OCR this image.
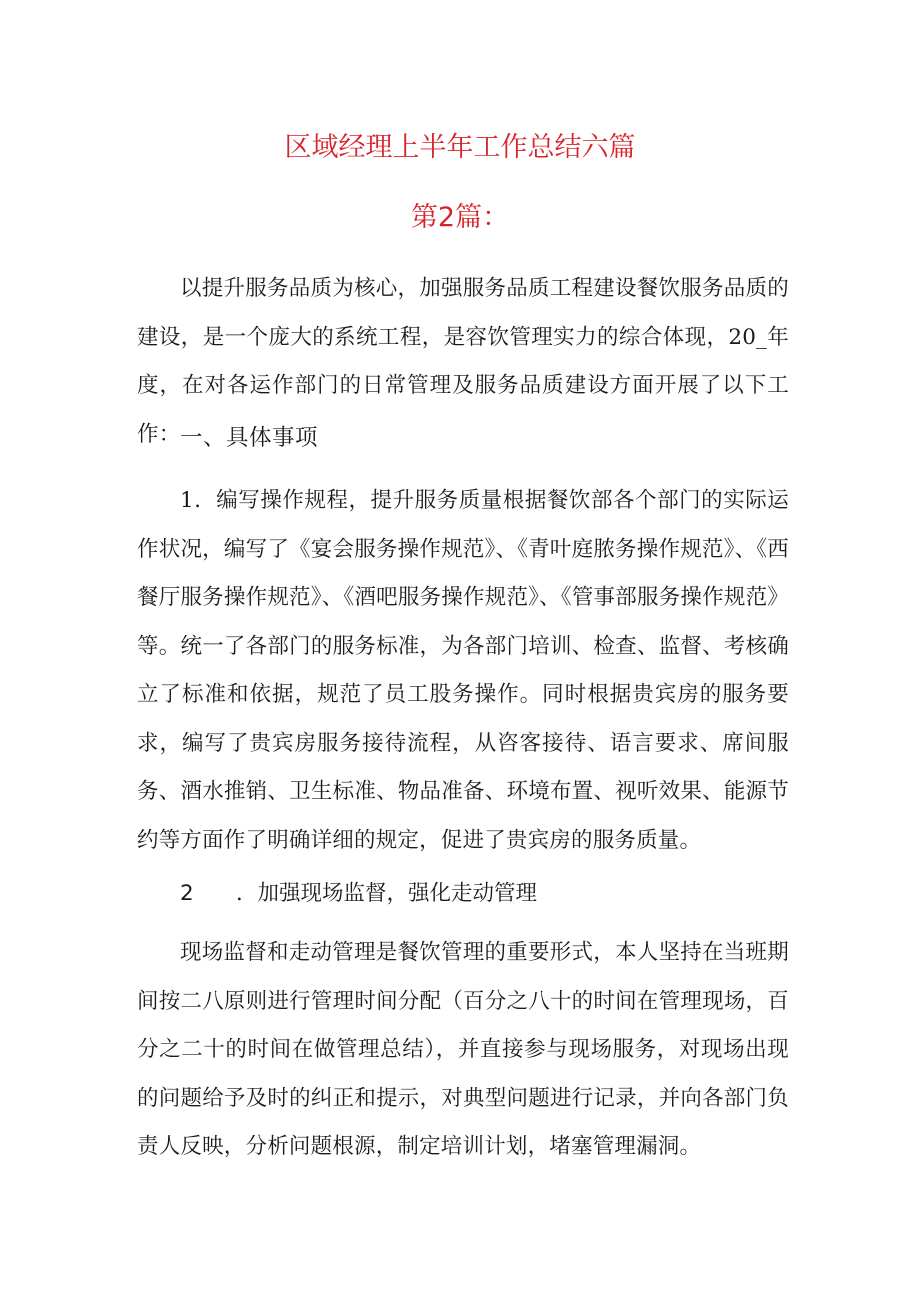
区域经理上半年工作总结六篇
第2篇：

以提升服务品质为核心，加强服务品质工程建设餐饮服务品质的建设，是一个庞大的系统工程，是容饮管理实力的综合体现，20_年度，在对各运作部门的日常管理及服务品质建设方面开展了以下工作： 一、具体事项

1．编写操作规程，提升服务质量根据餐饮部各个部门的实际运作状况，编写了《宴会服务操作规范》、《青叶庭脓务操作规范》、《西餐厅服务操作规范》、《酒吧服务操作规范》、《管事部服务操作规范》等。统一了各部门的服务标准，为各部门培训、检查、监督、考核确立了标准和依据，规范了员工股务操作。同时根据贵宾房的服务要求，编写了贵宾房服务接待流程，从咨客接待、语言要求、席间服务、酒水推销、卫生标准、物品准备、环境布置、视听效果、能源节约等方面作了明确详细的规定，促进了贵宾房的服务质量。

2 ．加强现场监督，强化走动管理

现场监督和走动管理是餐饮管理的重要形式，本人坚持在当班期间按二八原则进行管理时间分配（百分之八十的时间在管理现场，百分之二十的时间在做管理总结），并直接参与现场服务，对现场出现的问题给予及时的纠正和提示，对典型问题进行记录，并向各部门负责人反映，分析问题根源，制定培训计划，堵塞管理漏洞。
